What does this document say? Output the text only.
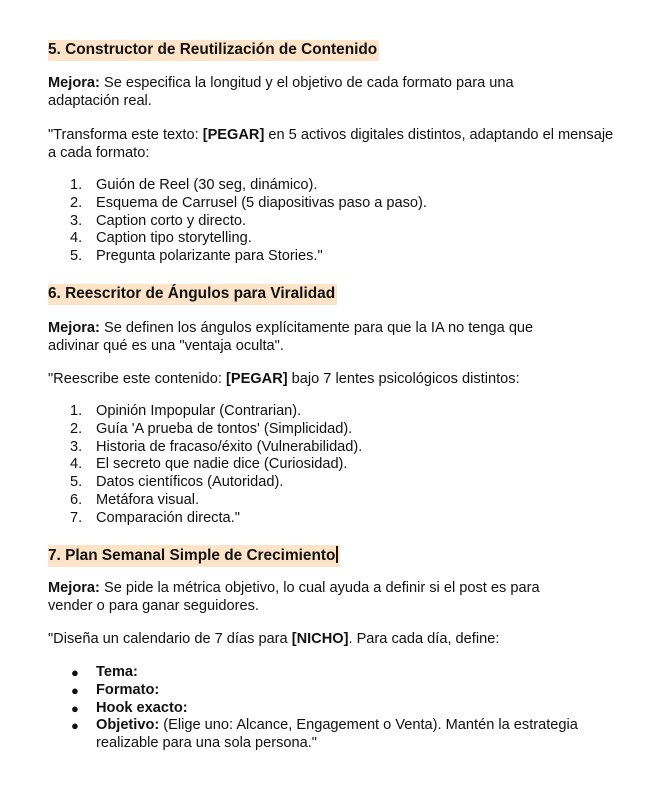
5. Constructor de Reutilización de Contenido

Mejora: Se especifica la longitud y el objetivo de cada formato para una
adaptación real.

"Transforma este texto: [PEGAR] en 5 activos digitales distintos, adaptando el mensaje
a cada formato:

1. Guión de Reel (30 seg, dinámico).
2. Esquema de Carrusel (5 diapositivas paso a paso).
3. Caption corto y directo.
4. Caption tipo storytelling.
5. Pregunta polarizante para Stories."
6. Reescritor de Ángulos para Viralidad

Mejora: Se definen los ángulos explícitamente para que la IA no tenga que
adivinar qué es una "ventaja oculta".

"Reescribe este contenido: [PEGAR] bajo 7 lentes psicológicos distintos:

1. Opinión Impopular (Contrarian).
2. Guía 'A prueba de tontos' (Simplicidad).
3. Historia de fracaso/éxito (Vulnerabilidad).
4. El secreto que nadie dice (Curiosidad).
5. Datos científicos (Autoridad).
6. Metáfora visual.
7. Comparación directa."
7. Plan Semanal Simple de Crecimiento

Mejora: Se pide la métrica objetivo, lo cual ayuda a definir si el post es para
vender o para ganar seguidores.

"Diseña un calendario de 7 días para [NICHO]. Para cada día, define:

● Tema:
● Formato:
● Hook exacto:
● Objetivo: (Elige uno: Alcance, Engagement o Venta). Mantén la estrategia realizable para una sola persona."
